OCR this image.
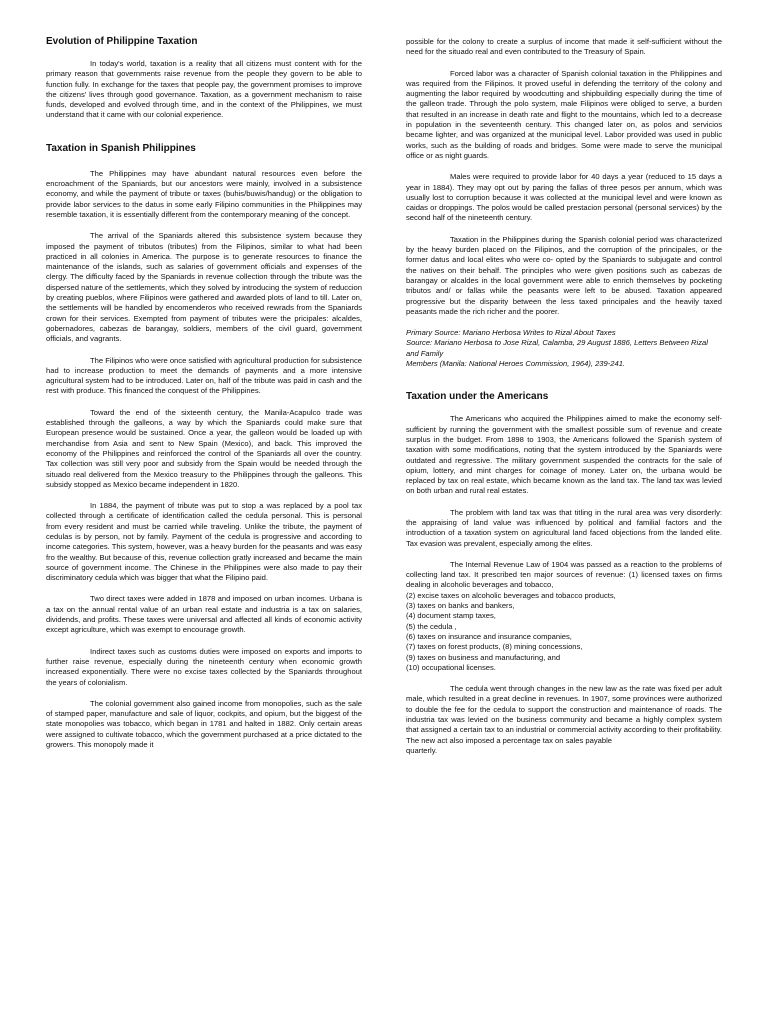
Evolution of Philippine Taxation

In today's world, taxation is a reality that all citizens must content with for the primary reason that governments raise revenue from the people they govern to be able to function fully. In exchange for the taxes that people pay, the government promises to improve the citizens' lives through good governance. Taxation, as a government mechanism to raise funds, developed and evolved through time, and in the context of the Philippines, we must understand that it came with our colonial experience.

Taxation in Spanish Philippines

The Philippines may have abundant natural resources even before the encroachment of the Spaniards, but our ancestors were mainly, involved in a subsistence economy, and while the payment of tribute or taxes (buhis/buwis/handug) or the obligation to provide labor services to the datus in some early Filipino communities in the Philippines may resemble taxation, it is essentially different from the contemporary meaning of the concept.

The arrival of the Spaniards altered this subsistence system because they imposed the payment of tributos (tributes) from the Filipinos, similar to what had been practiced in all colonies in America. The purpose is to generate resources to finance the maintenance of the islands, such as salaries of government officials and expenses of the clergy. The difficulty faced by the Spaniards in revenue collection through the tribute was the dispersed nature of the settlements, which they solved by introducing the system of reduccion by creating pueblos, where Filipinos were gathered and awarded plots of land to till. Later on, the settlements will be handled by encomenderos who received rewrads from the Spaniards crown for their services. Exempted from payment of tributes were the pricipales: alcaldes, gobernadores, cabezas de barangay, soldiers, members of the civil guard, government officials, and vagrants.

The Filipinos who were once satisfied with agricultural production for subsistence had to increase production to meet the demands of payments and a more intensive agricultural system had to be introduced. Later on, half of the tribute was paid in cash and the rest with produce. This financed the conquest of the Philippines.

Toward the end of the sixteenth century, the Manila-Acapulco trade was established through the galleons, a way by which the Spaniards could make sure that European presence would be sustained. Once a year, the galleon would be loaded up with merchandise from Asia and sent to New Spain (Mexico), and back. This improved the economy of the Philippines and reinforced the control of the Spaniards all over the country. Tax collection was still very poor and subsidy from the Spain would be needed through the situado real delivered from the Mexico treasury to the Philippines through the galleons. This subsidy stopped as Mexico became independent in 1820.

In 1884, the payment of tribute was put to stop a was replaced by a pool tax collected through a certificate of identification called the cedula personal. This is personal from every resident and must be carried while traveling. Unlike the tribute, the payment of cedulas is by person, not by family. Payment of the cedula is progressive and according to income categories. This system, however, was a heavy burden for the peasants and was easy fro the wealthy. But because of this, revenue collection gratly increased and became the main source of government income. The Chinese in the Philippines were also made to pay their discriminatory cedula which was bigger that what the Filipino paid.

Two direct taxes were added in 1878 and imposed on urban incomes. Urbana is a tax on the annual rental value of an urban real estate and industria is a tax on salaries, dividends, and profits. These taxes were universal and affected all kinds of economic activity except agriculture, which was exempt to encourage growth.

Indirect taxes such as customs duties were imposed on exports and imports to further raise revenue, especially during the nineteenth century when economic growth increased exponentially. There were no excise taxes collected by the Spaniards throughout the years of colonialism.

The colonial government also gained income from monopolies, such as the sale of stamped paper, manufacture and sale of liquor, cockpits, and opium, but the biggest of the state monopolies was tobacco, which began in 1781 and halted in 1882. Only certain areas were assigned to cultivate tobacco, which the government purchased at a price dictated to the growers. This monopoly made it

possible for the colony to create a surplus of income that made it self-sufficient without the need for the situado real and even contributed to the Treasury of Spain.

Forced labor was a character of Spanish colonial taxation in the Philippines and was required from the Filipinos. It proved useful in defending the territory of the colony and augmenting the labor required by woodcutting and shipbuilding especially during the time of the galleon trade. Through the polo system, male Filipinos were obliged to serve, a burden that resulted in an increase in death rate and flight to the mountains, which led to a decrease in population in the seventeenth century. This changed later on, as polos and servicios became lighter, and was organized at the municipal level. Labor provided was used in public works, such as the building of roads and bridges. Some were made to serve the municipal office or as night guards.

Males were required to provide labor for 40 days a year (reduced to 15 days a year in 1884). They may opt out by paring the fallas of three pesos per annum, which was usually lost to corruption because it was collected at the municipal level and were known as caidas or droppings. The polos would be called prestacion personal (personal services) by the second half of the nineteenth century.

Taxation in the Philippines during the Spanish colonial period was characterized by the heavy burden placed on the Filipinos, and the corruption of the principales, or the former datus and local elites who were co- opted by the Spaniards to subjugate and control the natives on their behalf. The principles who were given positions such as cabezas de barangay or alcaldes in the local government were able to enrich themselves by pocketing tributos and/ or fallas while the peasants were left to be abused. Taxation appeared progressive but the disparity between the less taxed principales and the heavily taxed peasants made the rich richer and the poorer.

Primary Source: Mariano Herbosa Writes to Rizal About Taxes

Source: Mariano Herbosa to Jose Rizal, Calamba, 29 August 1886, Letters Between Rizal and Family

Members (Manila: National Heroes Commission, 1964), 239-241.

Taxation under the Americans

The Americans who acquired the Philippines aimed to make the economy self-sufficient by running the government with the smallest possible sum of revenue and create surplus in the budget. From 1898 to 1903, the Americans followed the Spanish system of taxation with some modifications, noting that the system introduced by the Spaniards were outdated and regressive. The military government suspended the contracts for the sale of opium, lottery, and mint charges for coinage of money. Later on, the urbana would be replaced by tax on real estate, which became known as the land tax. The land tax was levied on both urban and rural real estates.

The problem with land tax was that titling in the rural area was very disorderly: the appraising of land value was influenced by political and familial factors and the introduction of a taxation system on agricultural land faced objections from the landed elite. Tax evasion was prevalent, especially among the elites.

The Internal Revenue Law of 1904 was passed as a reaction to the problems of collecting land tax. It prescribed ten major sources of revenue: (1) licensed taxes on firms dealing in alcoholic beverages and tobacco,

(2) excise taxes on alcoholic beverages and tobacco products,
(3) taxes on banks and bankers,
(4) document stamp taxes,
(5) the cedula ,
(6) taxes on insurance and insurance companies,
(7) taxes on forest products, (8) mining concessions,
(9) taxes on business and manufacturing, and
(10) occupational licenses.

The cedula went through changes in the new law as the rate was fixed per adult male, which resulted in a great decline in revenues. In 1907, some provinces were authorized to double the fee for the cedula to support the construction and maintenance of roads. The industria tax was levied on the business community and became a highly complex system that assigned a certain tax to an industrial or commercial activity according to their profitability. The new act also imposed a percentage tax on sales payable

quarterly.
